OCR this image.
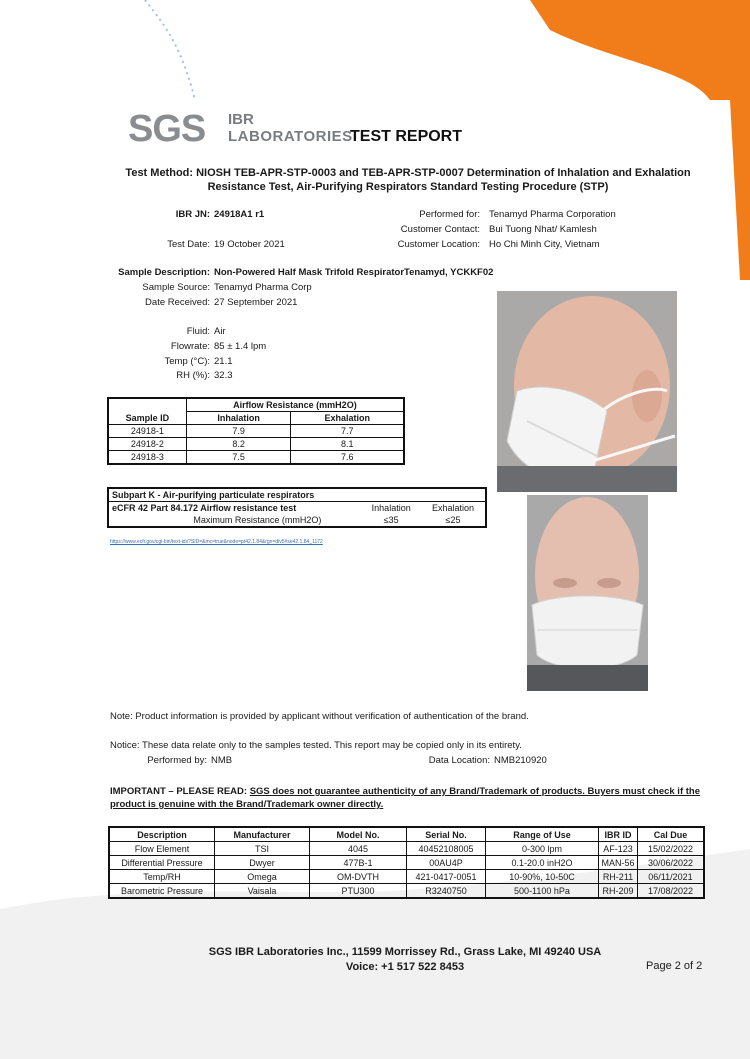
SGS IBR
LABORATORIES
TEST REPORT
Test Method: NIOSH TEB-APR-STP-0003 and TEB-APR-STP-0007 Determination of Inhalation and Exhalation Resistance Test, Air-Purifying Respirators Standard Testing Procedure (STP)
IBR JN: 24918A1 r1
Test Date: 19 October 2021
Performed for: Tenamyd Pharma Corporation
Customer Contact: Bui Tuong Nhat/ Kamlesh
Customer Location: Ho Chi Minh City, Vietnam
Sample Description: Non-Powered Half Mask Trifold RespiratorTenamyd, YCKKF02
Sample Source: Tenamyd Pharma Corp
Date Received: 27 September 2021
Fluid: Air
Flowrate: 85 ± 1.4 lpm
Temp (°C): 21.1
RH (%): 32.3
	Airflow Resistance (mmH2O)	
Sample ID	Inhalation	Exhalation
24918-1	7.9	7.7
24918-2	8.2	8.1
24918-3	7.5	7.6
Subpart K - Air-purifying particulate respirators		
eCFR 42 Part 84.172 Airflow resistance test	Inhalation	Exhalation
Maximum Resistance (mmH2O)	≤35	≤25
https://www.ecfr.gov/cgi-bin/text-idx?SID=&mc=true&node=pt42.1.84&rgn=div5#se42.1.84_1172
Note: Product information is provided by applicant without verification of authentication of the brand.
Notice: These data relate only to the samples tested. This report may be copied only in its entirety.
Performed by: NMB	Data Location: NMB210920
IMPORTANT – PLEASE READ: SGS does not guarantee authenticity of any Brand/Trademark of products. Buyers must check if the product is genuine with the Brand/Trademark owner directly.
Description	Manufacturer	Model No.	Serial No.	Range of Use	IBR ID	Cal Due
Flow Element	TSI	4045	40452108005	0-300 lpm	AF-123	15/02/2022
Differential Pressure	Dwyer	477B-1	00AU4P	0.1-20.0 inH2O	MAN-56	30/06/2022
Temp/RH	Omega	OM-DVTH	421-0417-0051	10-90%, 10-50C	RH-211	06/11/2021
Barometric Pressure	Vaisala	PTU300	R3240750	500-1100 hPa	RH-209	17/08/2022
SGS IBR Laboratories Inc., 11599 Morrissey Rd., Grass Lake, MI 49240 USA
Voice: +1 517 522 8453	Page 2 of 2
